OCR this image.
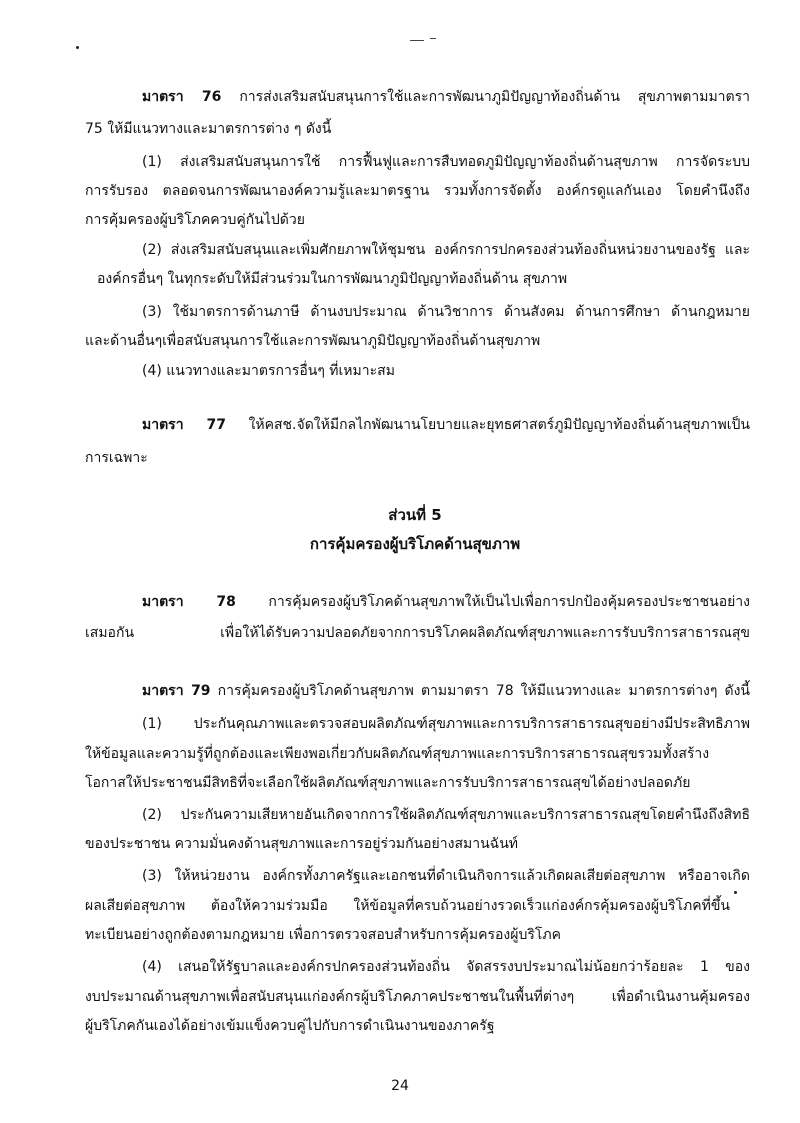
มาตรา 76 การส่งเสริมสนับสนุนการใช้และการพัฒนาภูมิปัญญาท้องถิ่นด้าน สุขภาพตามมาตรา
75 ให้มีแนวทางและมาตรการต่าง ๆ ดังนี้
(1) ส่งเสริมสนับสนุนการใช้ การฟื้นฟูและการสืบทอดภูมิปัญญาท้องถิ่นด้านสุขภาพ การจัดระบบ
การรับรอง ตลอดจนการพัฒนาองค์ความรู้และมาตรฐาน รวมทั้งการจัดตั้ง องค์กรดูแลกันเอง โดยคำนึงถึง
การคุ้มครองผู้บริโภคควบคู่กันไปด้วย
(2) ส่งเสริมสนับสนุนและเพิ่มศักยภาพให้ชุมชน องค์กรการปกครองส่วนท้องถิ่นหน่วยงานของรัฐ และ
องค์กรอื่นๆ ในทุกระดับให้มีส่วนร่วมในการพัฒนาภูมิปัญญาท้องถิ่นด้าน สุขภาพ
(3) ใช้มาตรการด้านภาษี ด้านงบประมาณ ด้านวิชาการ ด้านสังคม ด้านการศึกษา ด้านกฎหมาย
และด้านอื่นๆเพื่อสนับสนุนการใช้และการพัฒนาภูมิปัญญาท้องถิ่นด้านสุขภาพ
(4) แนวทางและมาตรการอื่นๆ ที่เหมาะสม
มาตรา 77 ให้คสช.จัดให้มีกลไกพัฒนานโยบายและยุทธศาสตร์ภูมิปัญญาท้องถิ่นด้านสุขภาพเป็น
การเฉพาะ
ส่วนที่ 5
การคุ้มครองผู้บริโภคด้านสุขภาพ
มาตรา 78 การคุ้มครองผู้บริโภคด้านสุขภาพให้เป็นไปเพื่อการปกป้องคุ้มครองประชาชนอย่าง
เสมอกัน เพื่อให้ได้รับความปลอดภัยจากการบริโภคผลิตภัณฑ์สุขภาพและการรับบริการสาธารณสุข
มาตรา 79 การคุ้มครองผู้บริโภคด้านสุขภาพ ตามมาตรา 78 ให้มีแนวทางและ มาตรการต่างๆ ดังนี้
(1) ประกันคุณภาพและตรวจสอบผลิตภัณฑ์สุขภาพและการบริการสาธารณสุขอย่างมีประสิทธิภาพ
ให้ข้อมูลและความรู้ที่ถูกต้องและเพียงพอเกี่ยวกับผลิตภัณฑ์สุขภาพและการบริการสาธารณสุขรวมทั้งสร้าง
โอกาสให้ประชาชนมีสิทธิที่จะเลือกใช้ผลิตภัณฑ์สุขภาพและการรับบริการสาธารณสุขได้อย่างปลอดภัย
(2) ประกันความเสียหายอันเกิดจากการใช้ผลิตภัณฑ์สุขภาพและบริการสาธารณสุขโดยคำนึงถึงสิทธิ
ของประชาชน ความมั่นคงด้านสุขภาพและการอยู่ร่วมกันอย่างสมานฉันท์
(3) ให้หน่วยงาน องค์กรทั้งภาครัฐและเอกชนที่ดำเนินกิจการแล้วเกิดผลเสียต่อสุขภาพ หรืออาจเกิด
ผลเสียต่อสุขภาพ ต้องให้ความร่วมมือ ให้ข้อมูลที่ครบถ้วนอย่างรวดเร็วแก่องค์กรคุ้มครองผู้บริโภคที่ขึ้น
ทะเบียนอย่างถูกต้องตามกฎหมาย เพื่อการตรวจสอบสำหรับการคุ้มครองผู้บริโภค
(4) เสนอให้รัฐบาลและองค์กรปกครองส่วนท้องถิ่น จัดสรรงบประมาณไม่น้อยกว่าร้อยละ 1 ของ
งบประมาณด้านสุขภาพเพื่อสนับสนุนแก่องค์กรผู้บริโภคภาคประชาชนในพื้นที่ต่างๆ เพื่อดำเนินงานคุ้มครอง
ผู้บริโภคกันเองได้อย่างเข้มแข็งควบคู่ไปกับการดำเนินงานของภาครัฐ
24
